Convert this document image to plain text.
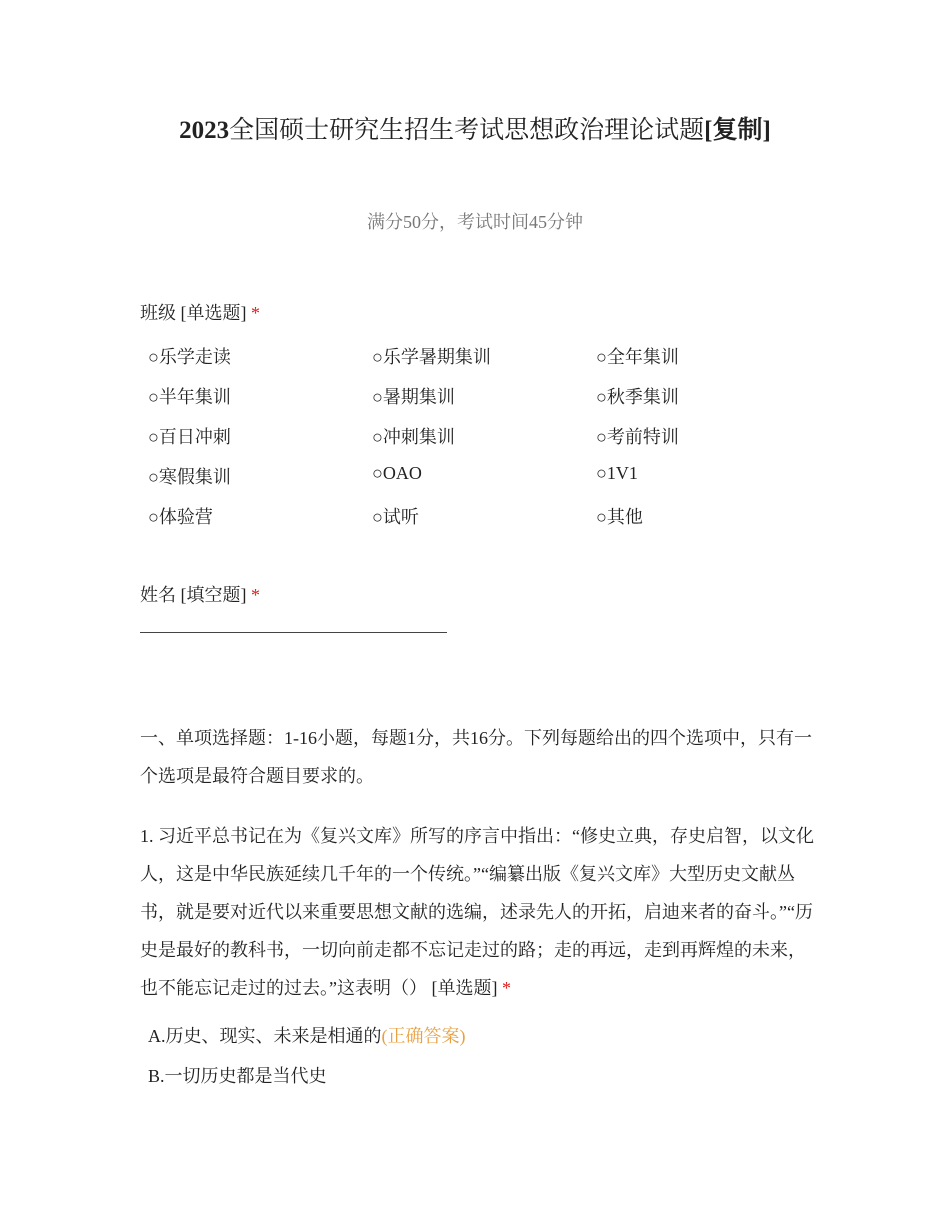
2023全国硕士研究生招生考试思想政治理论试题[复制]
满分50分，考试时间45分钟
班级 [单选题] *
○乐学走读	○乐学暑期集训	○全年集训
○半年集训	○暑期集训	○秋季集训
○百日冲刺	○冲刺集训	○考前特训
○寒假集训	○OAO	○1V1
○体验营	○试听	○其他
姓名 [填空题] *
一、单项选择题：1-16小题，每题1分，共16分。下列每题给出的四个选项中，只有一个选项是最符合题目要求的。
1. 习近平总书记在为《复兴文库》所写的序言中指出：“修史立典，存史启智，以文化人，这是中华民族延续几千年的一个传统。”“编纂出版《复兴文库》大型历史文献丛书，就是要对近代以来重要思想文献的选编，述录先人的开拓，启迪来者的奋斗。”“历史是最好的教科书，一切向前走都不忘记走过的路；走的再远，走到再辉煌的未来，也不能忘记走过的过去。”这表明（） [单选题] *
A.历史、现实、未来是相通的(正确答案)
B.一切历史都是当代史
